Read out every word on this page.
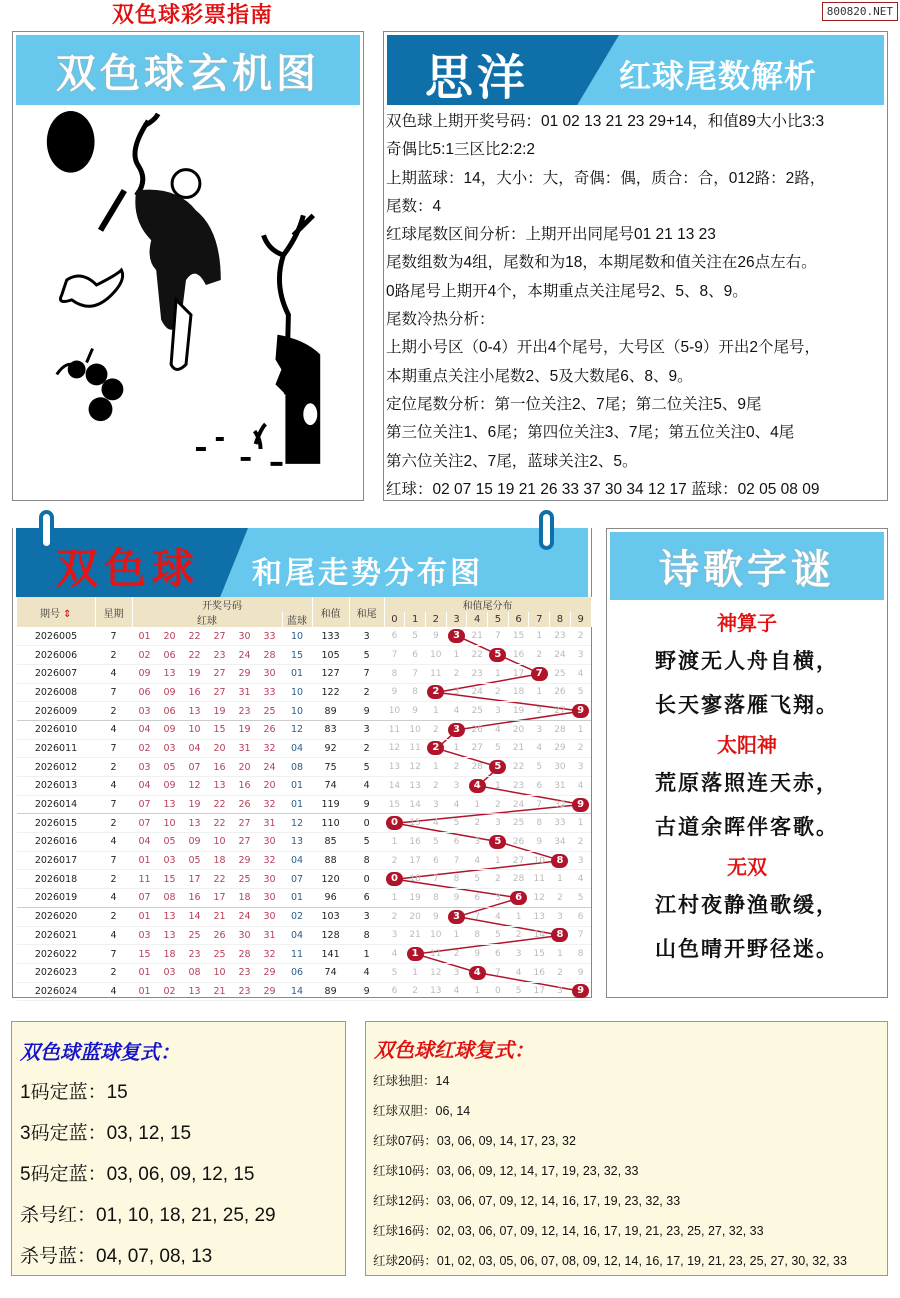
双色球彩票指南	800820.NET
双色球玄机图	思洋	红球尾数解析
双色球上期开奖号码：01 02 13 21 23 29+14，和值89大小比3:3
奇偶比5:1三区比2:2:2
上期蓝球：14，大小：大，奇偶：偶，质合：合，012路：2路，
尾数：4
红球尾数区间分析：上期开出同尾号01 21 13 23
尾数组数为4组，尾数和为18，本期尾数和值关注在26点左右。
0路尾号上期开4个，本期重点关注尾号2、5、8、9。
尾数冷热分析：
上期小号区（0-4）开出4个尾号，大号区（5-9）开出2个尾号，
本期重点关注小尾数2、5及大数尾6、8、9。
定位尾数分析：第一位关注2、7尾；第二位关注5、9尾
第三位关注1、6尾；第四位关注3、7尾；第五位关注0、4尾
第六位关注2、7尾，蓝球关注2、5。
红球：02 07 15 19 21 26 33 37 30 34 12 17 蓝球：02 05 08 09
双色球 和尾走势分布图
期号 ⇕	星期	开奖号码							和值	和尾	和值尾分布									
		红球						蓝球			0	1	2	3	4	5	6	7	8	9
2026005	7	01	20	22	27	30	33	10	133	3	6	5	9	3	21	7	15	1	23	2
2026006	2	02	06	22	23	24	28	15	105	5	7	6	10	1	22	5	16	2	24	3
2026007	4	09	13	19	27	29	30	01	127	7	8	7	11	2	23	1	17	7	25	4
2026008	7	06	09	16	27	31	33	10	122	2	9	8	2	3	24	2	18	1	26	5
2026009	2	03	06	13	19	23	25	10	89	9	10	9	1	4	25	3	19	2	27	9
2026010	4	04	09	10	15	19	26	12	83	3	11	10	2	3	26	4	20	3	28	1
2026011	7	02	03	04	20	31	32	04	92	2	12	11	2	1	27	5	21	4	29	2
2026012	2	03	05	07	16	20	24	08	75	5	13	12	1	2	28	5	22	5	30	3
2026013	4	04	09	12	13	16	20	01	74	4	14	13	2	3	4	1	23	6	31	4
2026014	7	07	13	19	22	26	32	01	119	9	15	14	3	4	1	2	24	7	32	9
2026015	2	07	10	13	22	27	31	12	110	0	0	15	4	5	2	3	25	8	33	1
2026016	4	04	05	09	10	27	30	13	85	5	1	16	5	6	3	5	26	9	34	2
2026017	7	01	03	05	18	29	32	04	88	8	2	17	6	7	4	1	27	10	8	3
2026018	2	11	15	17	22	25	30	07	120	0	0	18	7	8	5	2	28	11	1	4
2026019	4	07	08	16	17	18	30	01	96	6	1	19	8	9	6	3	6	12	2	5
2026020	2	01	13	14	21	24	30	02	103	3	2	20	9	3	7	4	1	13	3	6
2026021	4	03	13	25	26	30	31	04	128	8	3	21	10	1	8	5	2	14	8	7
2026022	7	15	18	23	25	28	32	11	141	1	4	1	11	2	9	6	3	15	1	8
2026023	2	01	03	08	10	23	29	06	74	4	5	1	12	3	4	7	4	16	2	9
2026024	4	01	02	13	21	23	29	14	89	9	6	2	13	4	1	0	5	17	3	9
诗歌字谜
神算子
野渡无人舟自横，
长天寥落雁飞翔。
太阳神
荒原落照连天赤，
古道余晖伴客歌。
无双
江村夜静渔歌缓，
山色晴开野径迷。
双色球蓝球复式：
1码定蓝：15
3码定蓝：03, 12, 15
5码定蓝：03, 06, 09, 12, 15
杀号红：01, 10, 18, 21, 25, 29
杀号蓝：04, 07, 08, 13
双色球红球复式：
红球独胆：14
红球双胆：06, 14
红球07码：03, 06, 09, 14, 17, 23, 32
红球10码：03, 06, 09, 12, 14, 17, 19, 23, 32, 33
红球12码：03, 06, 07, 09, 12, 14, 16, 17, 19, 23, 32, 33
红球16码：02, 03, 06, 07, 09, 12, 14, 16, 17, 19, 21, 23, 25, 27, 32, 33
红球20码：01, 02, 03, 05, 06, 07, 08, 09, 12, 14, 16, 17, 19, 21, 23, 25, 27, 30, 32, 33
